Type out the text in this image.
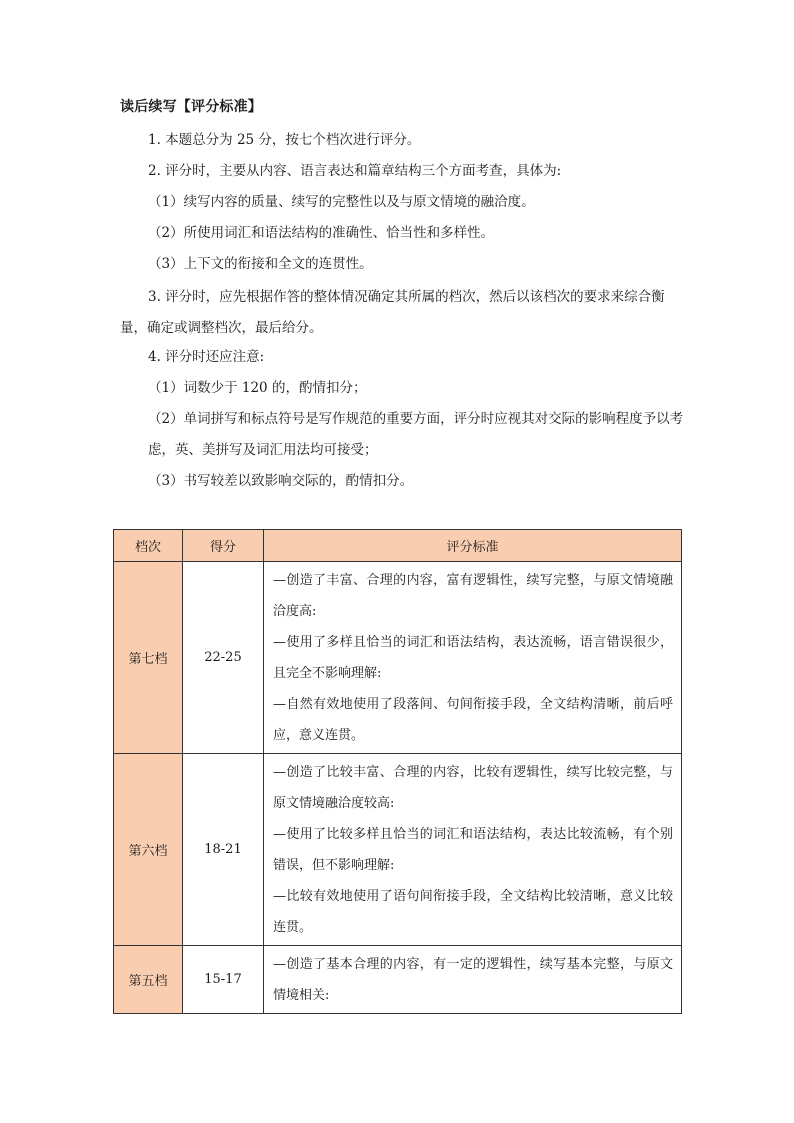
读后续写【评分标准】

1. 本题总分为 25 分，按七个档次进行评分。

2. 评分时，主要从内容、语言表达和篇章结构三个方面考查，具体为:

（1）续写内容的质量、续写的完整性以及与原文情境的融洽度。

（2）所使用词汇和语法结构的准确性、恰当性和多样性。

（3）上下文的衔接和全文的连贯性。

3. 评分时，应先根据作答的整体情况确定其所属的档次，然后以该档次的要求来综合衡量，确定或调整档次，最后给分。

4. 评分时还应注意:

（1）词数少于 120 的，酌情扣分；

（2）单词拼写和标点符号是写作规范的重要方面，评分时应视其对交际的影响程度予以考虑，英、美拼写及词汇用法均可接受；

（3）书写较差以致影响交际的，酌情扣分。

档次	得分	评分标准
第七档	22-25	—创造了丰富、合理的内容，富有逻辑性，续写完整，与原文情境融洽度高:
—使用了多样且恰当的词汇和语法结构，表达流畅，语言错误很少，且完全不影响理解:
—自然有效地使用了段落间、句间衔接手段，全文结构清晰，前后呼应，意义连贯。

第六档	18-21	—创造了比较丰富、合理的内容，比较有逻辑性，续写比较完整，与原文情境融洽度较高:
—使用了比较多样且恰当的词汇和语法结构，表达比较流畅，有个别错误，但不影响理解:
—比较有效地使用了语句间衔接手段，全文结构比较清晰，意义比较连贯。

第五档	15-17	—创造了基本合理的内容，有一定的逻辑性，续写基本完整，与原文情境相关:
